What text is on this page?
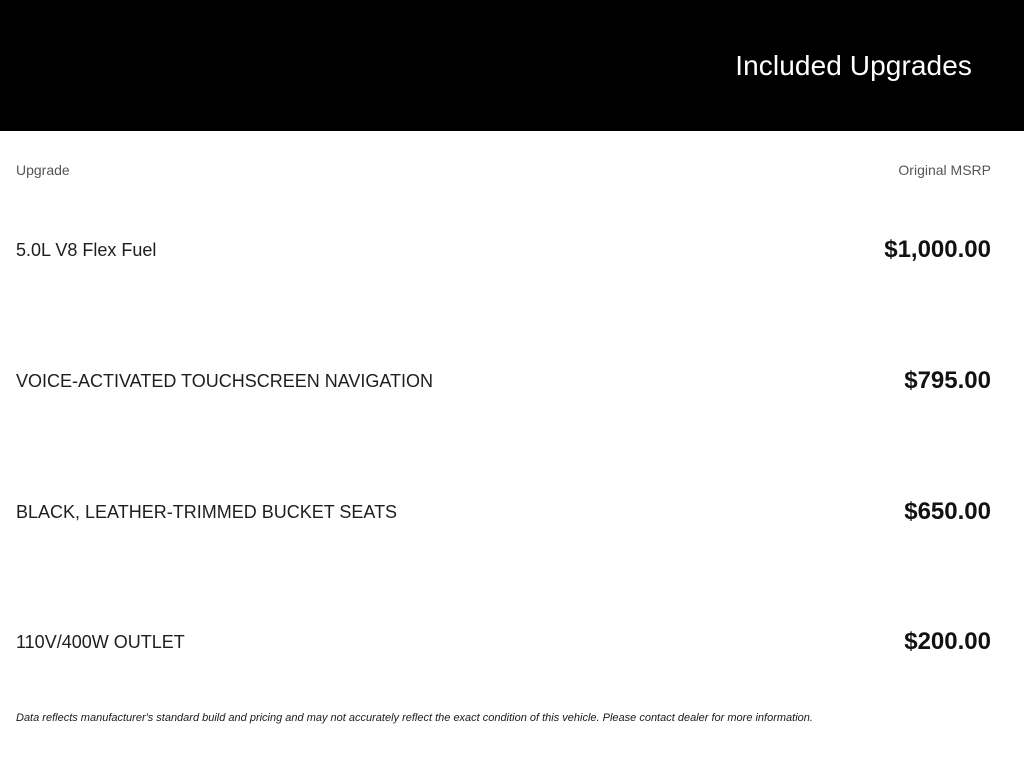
Included Upgrades
Upgrade	Original MSRP
5.0L V8 Flex Fuel	$1,000.00
VOICE-ACTIVATED TOUCHSCREEN NAVIGATION	$795.00
BLACK, LEATHER-TRIMMED BUCKET SEATS	$650.00
110V/400W OUTLET	$200.00
Data reflects manufacturer's standard build and pricing and may not accurately reflect the exact condition of this vehicle. Please contact dealer for more information.
